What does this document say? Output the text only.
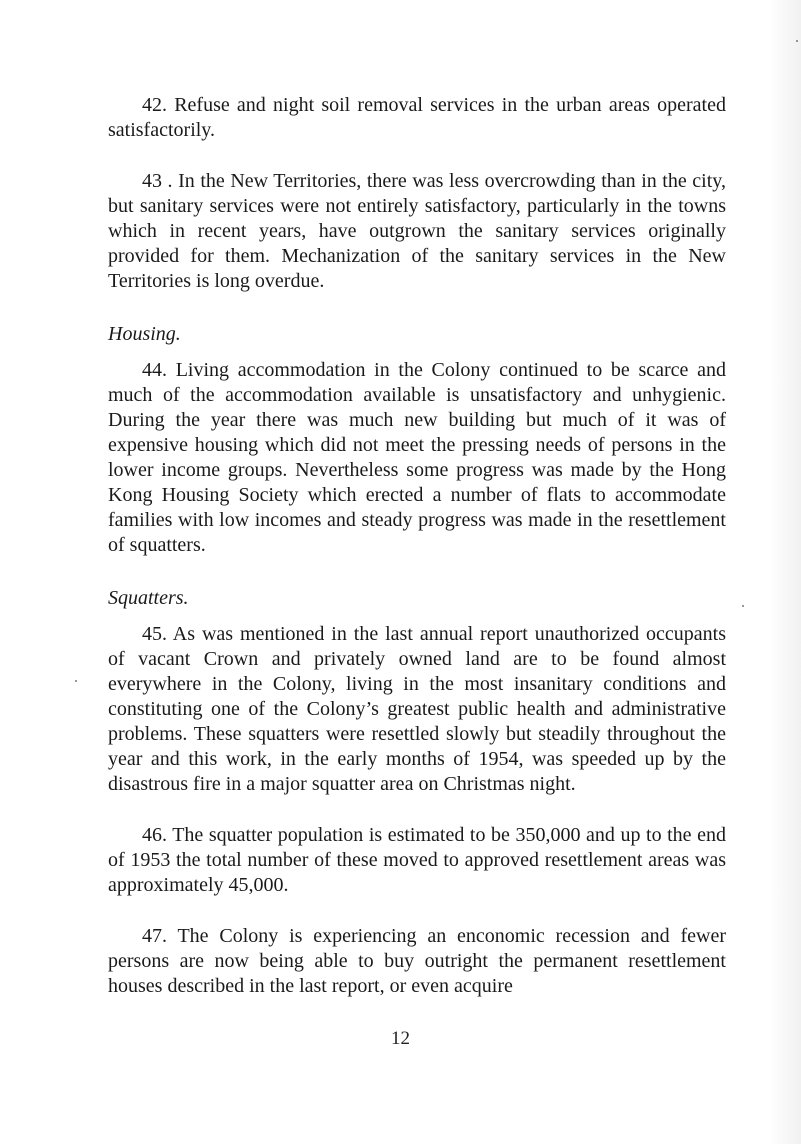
42. Refuse and night soil removal services in the urban areas operated satisfactorily.

43 . In the New Territories, there was less overcrowding than in the city, but sanitary services were not entirely satisfactory, particularly in the towns which in recent years, have outgrown the sanitary services originally provided for them. Mechanization of the sanitary services in the New Territories is long overdue.

Housing.

44. Living accommodation in the Colony continued to be scarce and much of the accommodation available is unsatisfactory and unhygienic. During the year there was much new building but much of it was of expensive housing which did not meet the pressing needs of persons in the lower income groups. Nevertheless some progress was made by the Hong Kong Housing Society which erected a number of flats to accommodate families with low incomes and steady progress was made in the resettlement of squatters.

Squatters.

45. As was mentioned in the last annual report unauthorized occupants of vacant Crown and privately owned land are to be found almost everywhere in the Colony, living in the most insanitary conditions and constituting one of the Colony’s greatest public health and administrative problems. These squatters were resettled slowly but steadily throughout the year and this work, in the early months of 1954, was speeded up by the disastrous fire in a major squatter area on Christmas night.

46. The squatter population is estimated to be 350,000 and up to the end of 1953 the total number of these moved to approved resettlement areas was approximately 45,000.

47. The Colony is experiencing an enconomic recession and fewer persons are now being able to buy outright the permanent resettlement houses described in the last report, or even acquire

12
